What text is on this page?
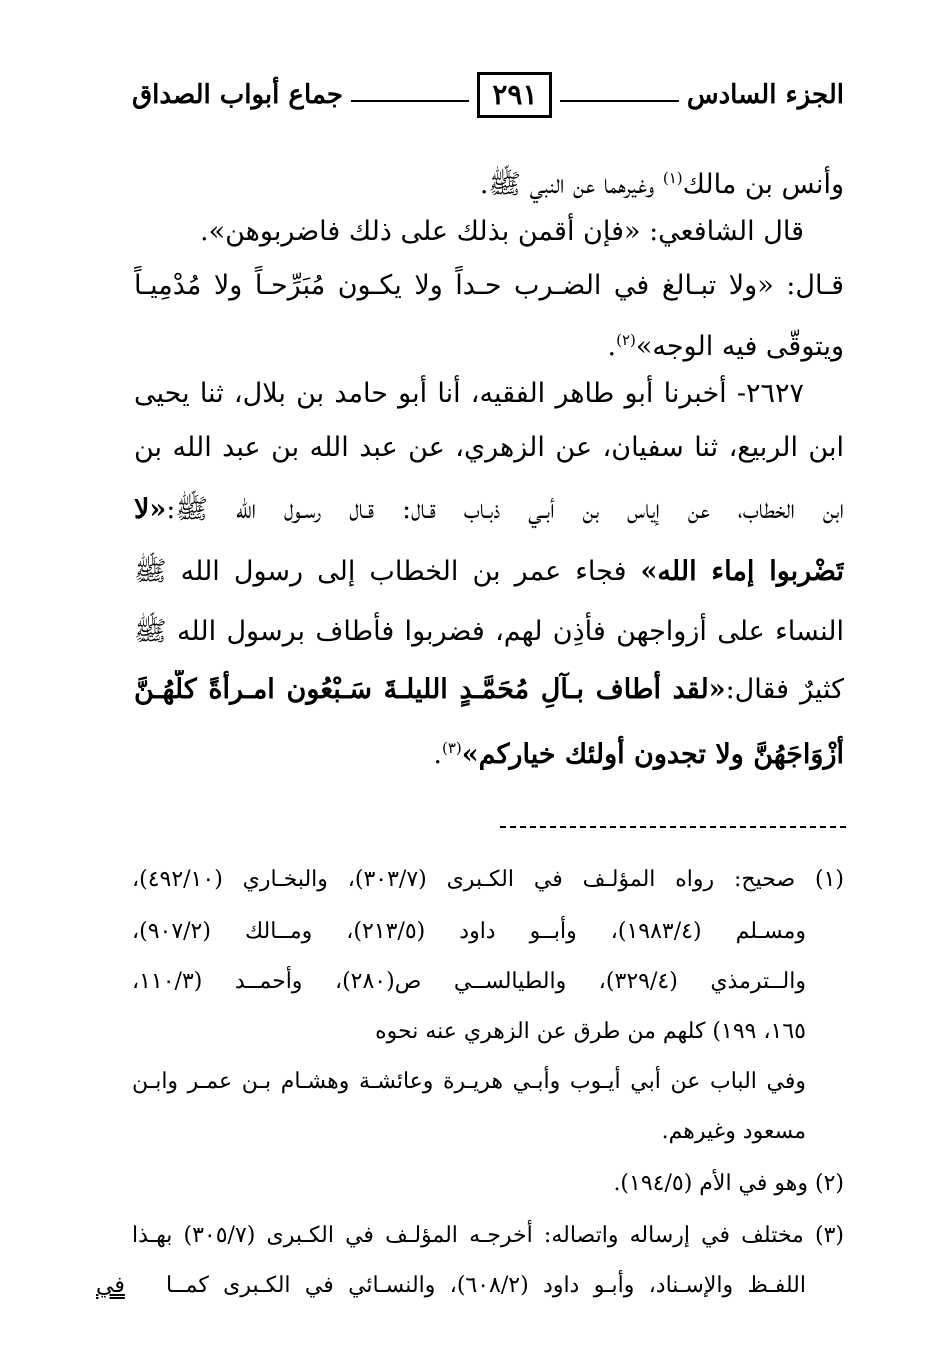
الجزء السادس
٢٩١
جماع أبواب الصداق
وأنس بن مالك$^{(١)}$ وغيرهما عن النبي ﷺ.
قال الشافعي: «فإن أقمن بذلك على ذلك فاضربوهن».
قـال: «ولا تبـالغ في الضـرب حـداً ولا يكـون مُبَرِّحـاً ولا مُدْمِيـاً
ويتوقّى فيه الوجه»$^{(٢)}$.
٢٦٢٧- أخبرنا أبو طاهر الفقيه، أنا أبو حامد بن بلال، ثنا يحيى
ابن الربيع، ثنا سفيان، عن الزهري، عن عبد الله بن عبد الله بن
ابن الخطاب، عن إياس بن أبـي ذبـاب قـال: قـال رسـول الله ﷺ:«لا
تَضْربوا إماء الله» فجاء عمر بن الخطاب إلى رسول الله ﷺ
النساء على أزواجهن فأذِن لهم، فضربوا فأطاف برسول الله ﷺ
كثيرٌ فقال:«لقد أطاف بـآلِ مُحَمَّـدٍ الليلـةَ سَـبْعُون امـرأةً كلُّهُـنَّ
أزْوَاجَهُنَّ ولا تجدون أولئك خياركم»$^{(٣)}$.
(١) صحيح: رواه المؤلـف في الكـبرى (٣٠٣/٧)، والبخـاري (٤٩٢/١٠)،
ومسـلم (١٩٨٣/٤)، وأبــو داود (٢١٣/٥)، ومــالك (٩٠٧/٢)،
والــترمذي (٣٢٩/٤)، والطيالســي ص(٢٨٠)، وأحمــد (١١٠/٣،
١٦٥، ١٩٩) كلهم من طرق عن الزهري عنه نحوه
وفي الباب عن أبي أيـوب وأبـي هريـرة وعائشـة وهشـام بـن عمـر وابـن
مسعود وغيرهم.
(٢) وهو في الأم (١٩٤/٥).
(٣) مختلف في إرساله واتصاله: أخرجـه المؤلـف في الكـبرى (٣٠٥/٧) بهـذا
اللفـظ والإسـناد، وأبـو داود (٦٠٨/٢)، والنسـائي في الكـبرى كمــا
في
